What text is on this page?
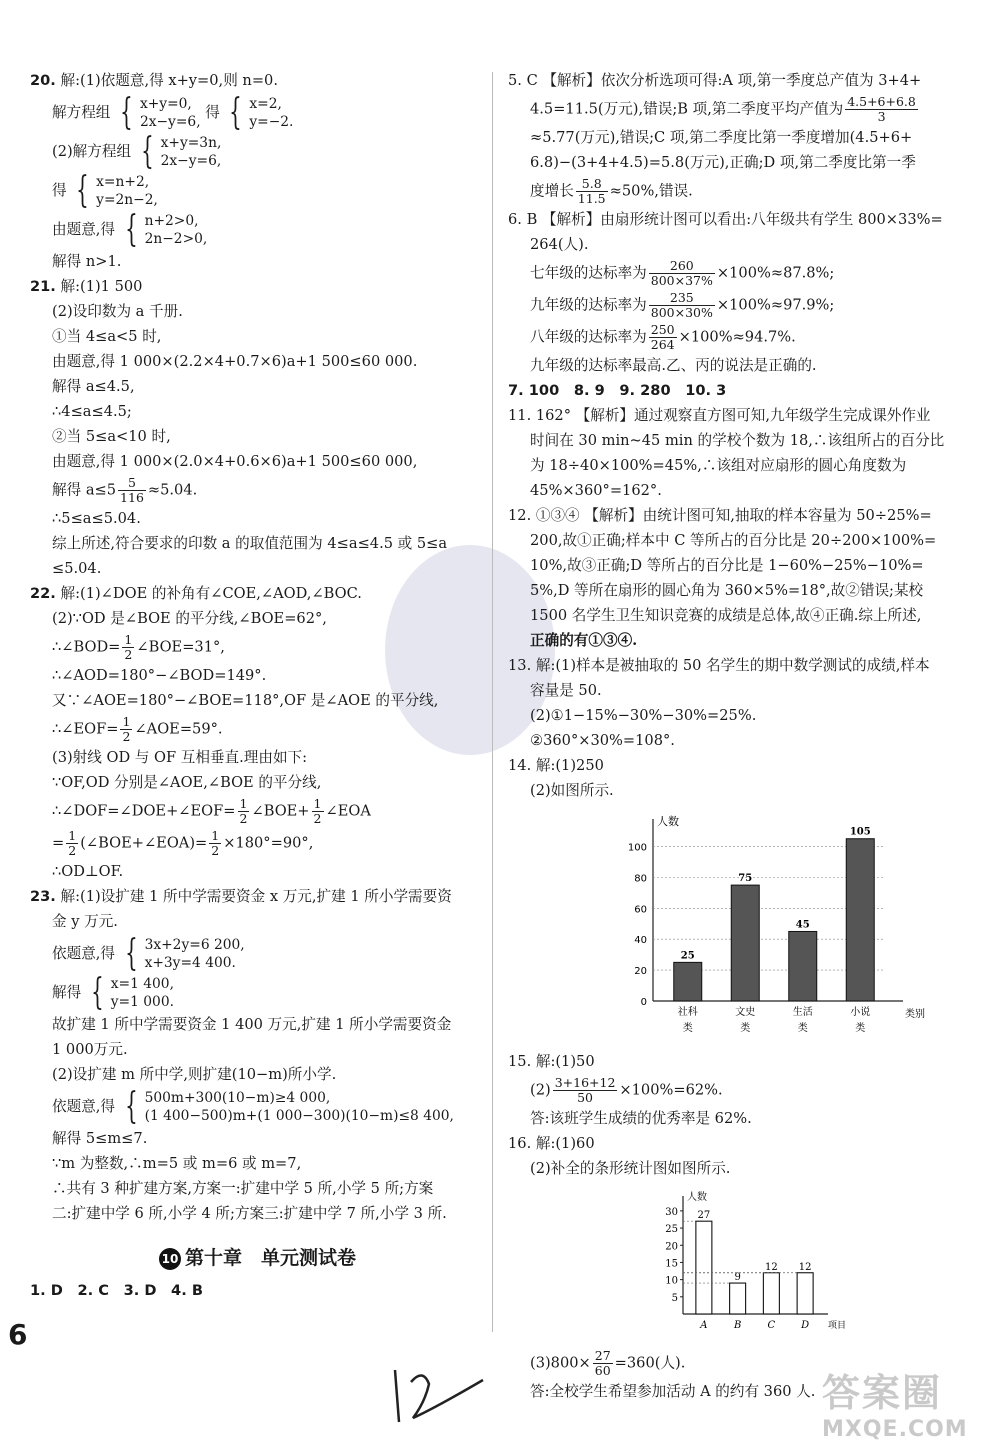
20. 解:(1)依题意,得 x+y=0,则 n=0.
解方程组 { x+y=0,
2x−y=6,
得 { x=2,
y=−2.
(2)解方程组 { x+y=3n,
2x−y=6,
得 { x=n+2,
y=2n−2,
由题意,得 { n+2>0,
2n−2>0,
解得 n>1.
21. 解:(1)1 500
(2)设印数为 a 千册.
①当 4≤a<5 时,
由题意,得 1 000×(2.2×4+0.7×6)a+1 500≤60 000.
解得 a≤4.5,
∴4≤a≤4.5;
②当 5≤a<10 时,
由题意,得 1 000×(2.0×4+0.6×6)a+1 500≤60 000,
解得 $a\le 5 \frac{5}{116} \approx 5.04$.
∴5≤a≤5.04.
综上所述,符合要求的印数 a 的取值范围为 4≤a≤4.5 或 5≤a
≤5.04.
22. 解:(1)∠DOE 的补角有∠COE,∠AOD,∠BOC.
(2)∵OD 是∠BOE 的平分线,∠BOE=62°,
∴∠BOD= $\frac{1}{2}$ ∠BOE=31°,
∴∠AOD=180°−∠BOD=149°.
又∵∠AOE=180°−∠BOE=118°,OF 是∠AOE 的平分线,
∴∠EOF= $\frac{1}{2}$ ∠AOE=59°.
(3)射线 OD 与 OF 互相垂直.理由如下:
∵OF,OD 分别是∠AOE,∠BOE 的平分线,
∴∠DOF=∠DOE+∠EOF= $\frac{1}{2}$ ∠BOE+ $\frac{1}{2}$ ∠EOA
= $\frac{1}{2}$ (∠BOE+∠EOA)= $\frac{1}{2} \times 180^\circ=90^\circ$,
∴OD⊥OF.
23. 解:(1)设扩建 1 所中学需要资金 x 万元,扩建 1 所小学需要资
金 y 万元.
依题意,得 { 3x+2y=6 200,
x+3y=4 400.
解得 { x=1 400,
y=1 000.
故扩建 1 所中学需要资金 1 400 万元,扩建 1 所小学需要资金
1 000万元.
(2)设扩建 m 所中学,则扩建(10−m)所小学.
依题意,得 { 500m+300(10−m)≥4 000,
(1 400−500)m+(1 000−300)(10−m)≤8 400,
解得 5≤m≤7.
∵m 为整数,∴m=5 或 m=6 或 m=7,
∴共有 3 种扩建方案,方案一:扩建中学 5 所,小学 5 所;方案
二:扩建中学 6 所,小学 4 所;方案三:扩建中学 7 所,小学 3 所.
10 第十章　单元测试卷
1. D　2. C　3. D　4. B
5. C 【解析】依次分析选项可得:A 项,第一季度总产值为 3+4+
4.5=11.5(万元),错误;B 项,第二季度平均产值为 $\frac{4.5+6+6.8}{3}$
≈5.77(万元),错误;C 项,第二季度比第一季度增加(4.5+6+
6.8)−(3+4+4.5)=5.8(万元),正确;D 项,第二季度比第一季
度增长 $\frac{5.8}{11.5} \approx 50\%$,错误.
6. B 【解析】由扇形统计图可以看出:八年级共有学生 800×33%=
264(人).
七年级的达标率为 $\frac{260}{800\times 37\%} \times 100\%\approx 87.8\%$;
九年级的达标率为 $\frac{235}{800\times 30\%} \times 100\%\approx 97.9\%$;
八年级的达标率为 $\frac{250}{264} \times 100\%\approx 94.7\%$.
九年级的达标率最高.乙、丙的说法是正确的.
7. 100　8. 9　9. 280　10. 3
11. 162° 【解析】通过观察直方图可知,九年级学生完成课外作业
时间在 30 min~45 min 的学校个数为 18,∴该组所占的百分比
为 18÷40×100%=45%,∴该组对应扇形的圆心角度数为
45%×360°=162°.
12. ①③④ 【解析】由统计图可知,抽取的样本容量为 50÷25%=
200,故①正确;样本中 C 等所占的百分比是 20÷200×100%=
10%,故③正确;D 等所占的百分比是 1−60%−25%−10%=
5%,D 等所在扇形的圆心角为 360×5%=18°,故②错误;某校
1500 名学生卫生知识竞赛的成绩是总体,故④正确.综上所述,
正确的有①③④.
13. 解:(1)样本是被抽取的 50 名学生的期中数学测试的成绩,样本
容量是 50.
(2)①1−15%−30%−30%=25%.
②360°×30%=108°.
14. 解:(1)250
(2)如图所示.
人数
类别
0
20
40
60
80
100
25
社科
类
75
文史
类
45
生活
类
105
小说
类
15. 解:(1)50
$(2) \frac{3+16+12}{50} \times 100\%=62\%$.
答:该班学生成绩的优秀率是 62%.
16. 解:(1)60
(2)补全的条形统计图如图所示.
人数
项目
5
10
15
20
25
30 27
A
9
B
12
C
12
D
$(3)800\times \frac{27}{60} =360$(人).
答:全校学生希望参加活动 A 的约有 360 人.
6
答案圈
MXQE.COM
